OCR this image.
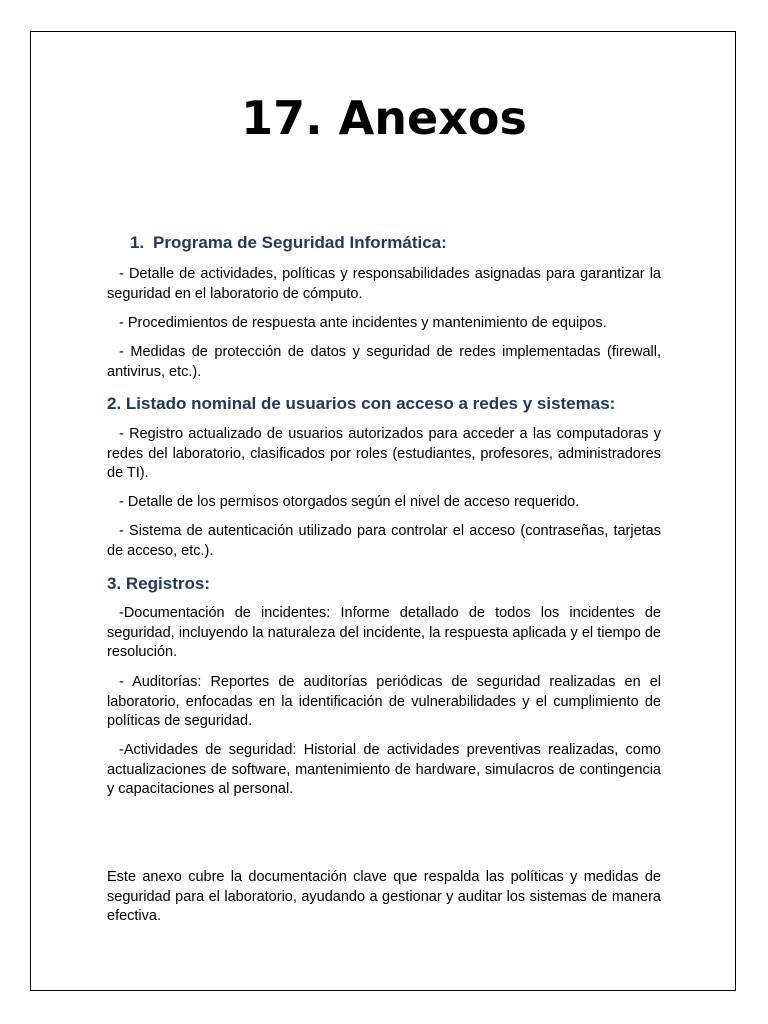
17. Anexos
1. Programa de Seguridad Informática:

- Detalle de actividades, políticas y responsabilidades asignadas para garantizar la seguridad en el laboratorio de cómputo.

- Procedimientos de respuesta ante incidentes y mantenimiento de equipos.

- Medidas de protección de datos y seguridad de redes implementadas (firewall, antivirus, etc.).

2. Listado nominal de usuarios con acceso a redes y sistemas:

- Registro actualizado de usuarios autorizados para acceder a las computadoras y redes del laboratorio, clasificados por roles (estudiantes, profesores, administradores de TI).

- Detalle de los permisos otorgados según el nivel de acceso requerido.

- Sistema de autenticación utilizado para controlar el acceso (contraseñas, tarjetas de acceso, etc.).

3. Registros:

-Documentación de incidentes: Informe detallado de todos los incidentes de seguridad, incluyendo la naturaleza del incidente, la respuesta aplicada y el tiempo de resolución.

- Auditorías: Reportes de auditorías periódicas de seguridad realizadas en el laboratorio, enfocadas en la identificación de vulnerabilidades y el cumplimiento de políticas de seguridad.

-Actividades de seguridad: Historial de actividades preventivas realizadas, como actualizaciones de software, mantenimiento de hardware, simulacros de contingencia y capacitaciones al personal.

Este anexo cubre la documentación clave que respalda las políticas y medidas de seguridad para el laboratorio, ayudando a gestionar y auditar los sistemas de manera efectiva.
